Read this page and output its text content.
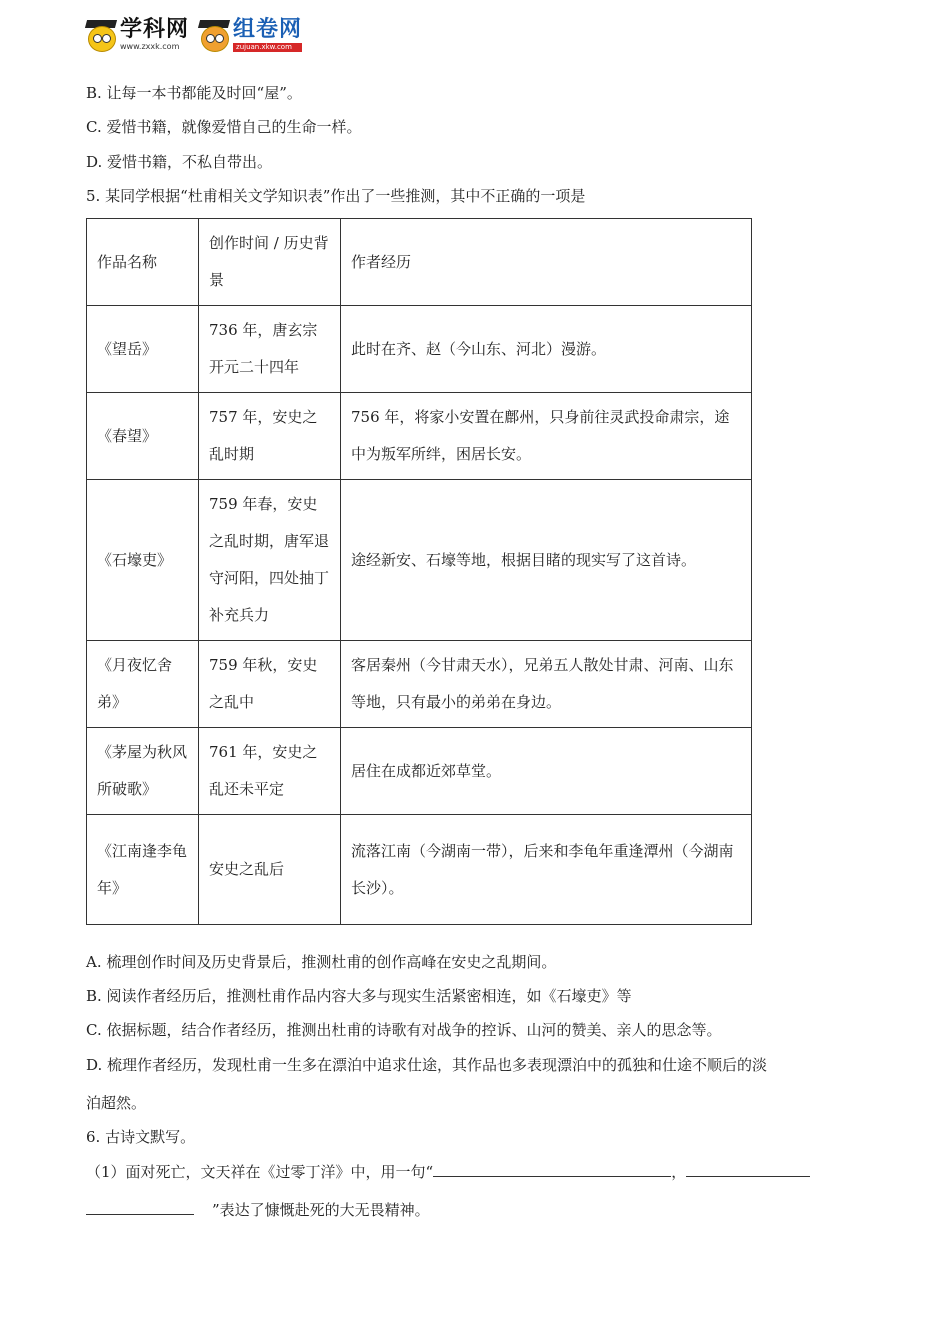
学科网
www.zxxk.com
组卷网
zujuan.xkw.com
B. 让每一本书都能及时回“屋”。
C. 爱惜书籍，就像爱惜自己的生命一样。
D. 爱惜书籍，不私自带出。
5. 某同学根据“杜甫相关文学知识表”作出了一些推测，其中不正确的一项是
作品名称	创作时间 / 历史背景	作者经历
《望岳》	736 年，唐玄宗开元二十四年	此时在齐、赵（今山东、河北）漫游。
《春望》	757 年，安史之乱时期	756 年，将家小安置在鄜州，只身前往灵武投命肃宗，途中为叛军所绊，困居长安。
《石壕吏》	759 年春，安史之乱时期，唐军退守河阳，四处抽丁补充兵力	途经新安、石壕等地，根据目睹的现实写了这首诗。
《月夜忆舍弟》	759 年秋，安史之乱中	客居秦州（今甘肃天水），兄弟五人散处甘肃、河南、山东等地，只有最小的弟弟在身边。
《茅屋为秋风所破歌》	761 年，安史之乱还未平定	居住在成都近郊草堂。
《江南逢李龟年》	安史之乱后	流落江南（今湖南一带），后来和李龟年重逢潭州（今湖南长沙）。
A. 梳理创作时间及历史背景后，推测杜甫的创作高峰在安史之乱期间。
B. 阅读作者经历后，推测杜甫作品内容大多与现实生活紧密相连，如《石壕吏》等
C. 依据标题，结合作者经历，推测出杜甫的诗歌有对战争的控诉、山河的赞美、亲人的思念等。
D. 梳理作者经历，发现杜甫一生多在漂泊中追求仕途，其作品也多表现漂泊中的孤独和仕途不顺后的淡
泊超然。
6. 古诗文默写。
（1）面对死亡，文天祥在《过零丁洋》中，用一句“	，
”表达了慷慨赴死的大无畏精神。
